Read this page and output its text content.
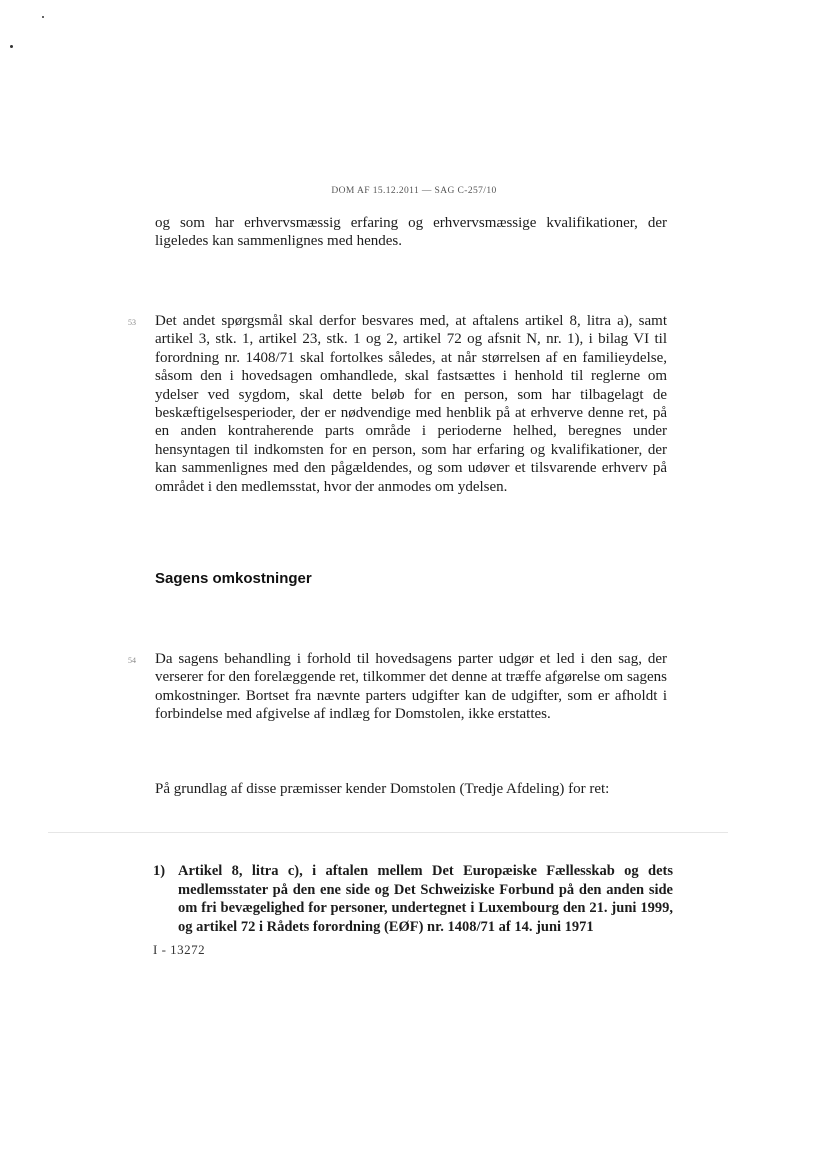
DOM AF 15.12.2011 — SAG C-257/10

og som har erhvervsmæssig erfaring og erhvervsmæssige kvalifikationer, der ligeledes kan sammenlignes med hendes.

53 Det andet spørgsmål skal derfor besvares med, at aftalens artikel 8, litra a), samt artikel 3, stk. 1, artikel 23, stk. 1 og 2, artikel 72 og afsnit N, nr. 1), i bilag VI til forordning nr. 1408/71 skal fortolkes således, at når størrelsen af en familieydelse, såsom den i hovedsagen omhandlede, skal fastsættes i henhold til reglerne om ydelser ved sygdom, skal dette beløb for en person, som har tilbagelagt de beskæftigelsesperioder, der er nødvendige med henblik på at erhverve denne ret, på en anden kontraherende parts område i perioderne helhed, beregnes under hensyntagen til indkomsten for en person, som har erfaring og kvalifikationer, der kan sammenlignes med den pågældendes, og som udøver et tilsvarende erhverv på området i den medlemsstat, hvor der anmodes om ydelsen.

Sagens omkostninger
54 Da sagens behandling i forhold til hovedsagens parter udgør et led i den sag, der verserer for den forelæggende ret, tilkommer det denne at træffe afgørelse om sagens omkostninger. Bortset fra nævnte parters udgifter kan de udgifter, som er afholdt i forbindelse med afgivelse af indlæg for Domstolen, ikke erstattes.

På grundlag af disse præmisser kender Domstolen (Tredje Afdeling) for ret:

1) Artikel 8, litra c), i aftalen mellem Det Europæiske Fællesskab og dets medlemsstater på den ene side og Det Schweiziske Forbund på den anden side om fri bevægelighed for personer, undertegnet i Luxembourg den 21. juni 1999, og artikel 72 i Rådets forordning (EØF) nr. 1408/71 af 14. juni 1971
I - 13272
